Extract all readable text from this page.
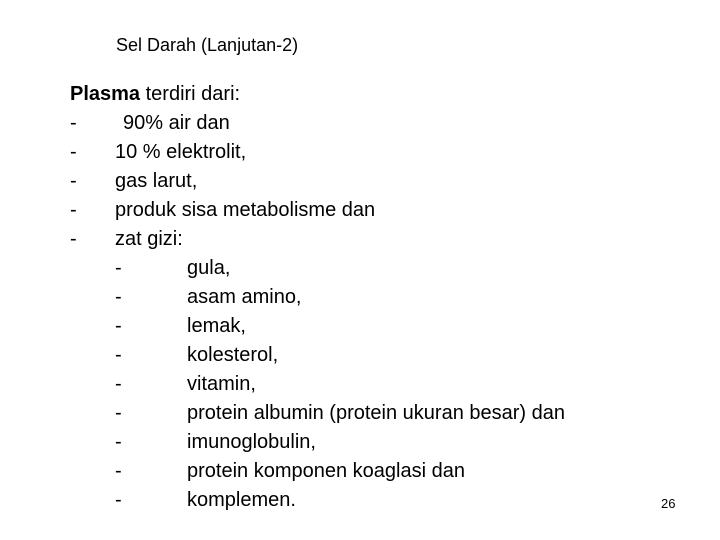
Sel Darah (Lanjutan-2)
Plasma terdiri dari:
- 90% air dan
- 10 % elektrolit,
- gas larut,
- produk sisa metabolisme dan
- zat gizi:
-	gula,
-	asam amino,
-	lemak,
-	kolesterol,
-	vitamin,
-	protein albumin (protein ukuran besar) dan
-	imunoglobulin,
-	protein komponen koaglasi dan
-	komplemen.	26
